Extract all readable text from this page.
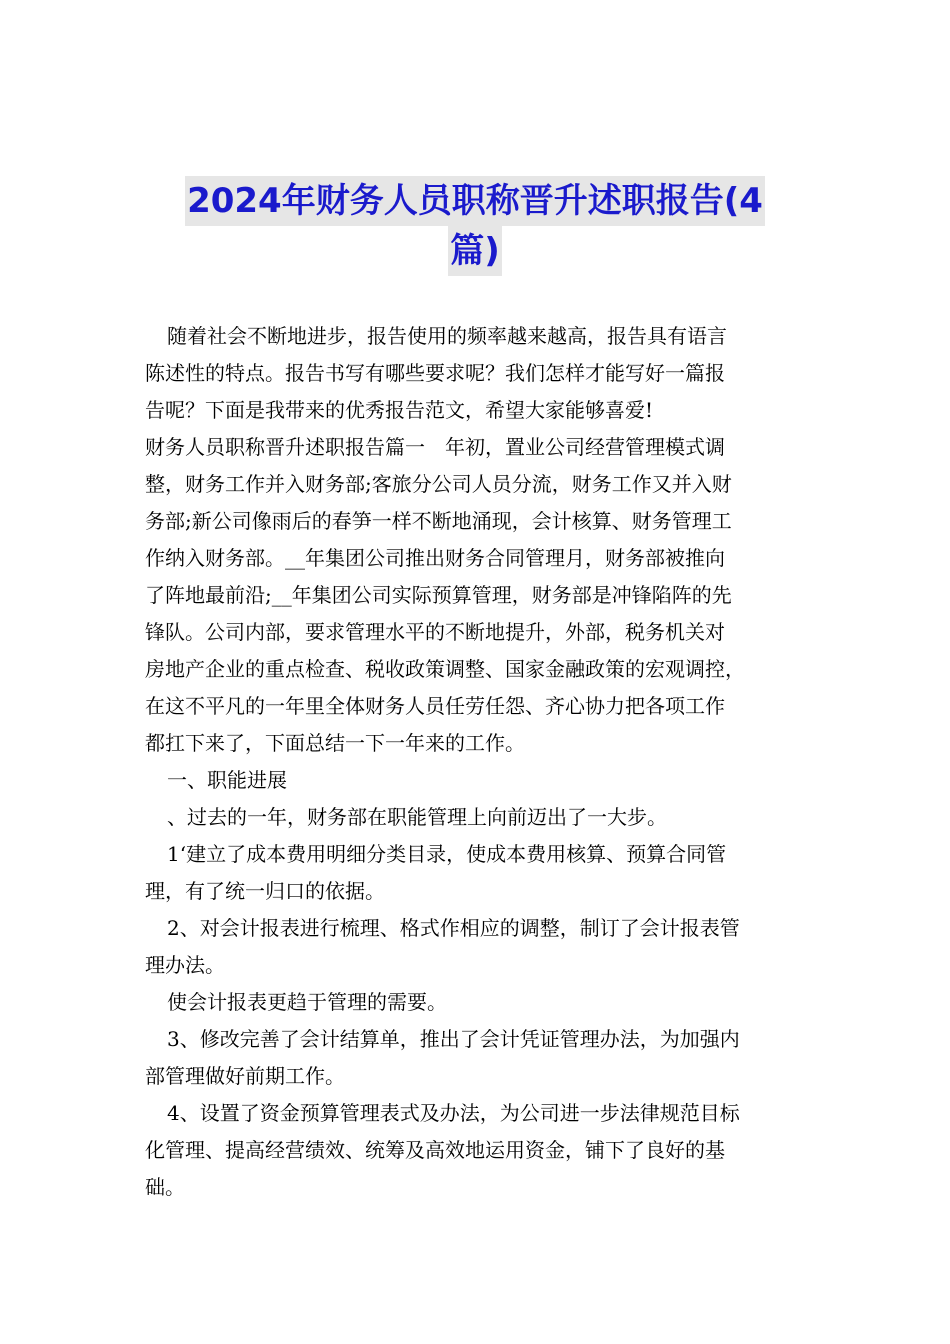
2024年财务人员职称晋升述职报告(4
篇)

随着社会不断地进步，报告使用的频率越来越高，报告具有语言

陈述性的特点。报告书写有哪些要求呢？我们怎样才能写好一篇报

告呢？下面是我带来的优秀报告范文，希望大家能够喜爱!

财务人员职称晋升述职报告篇一　年初，置业公司经营管理模式调

整，财务工作并入财务部;客旅分公司人员分流，财务工作又并入财

务部;新公司像雨后的春笋一样不断地涌现，会计核算、财务管理工

作纳入财务部。__年集团公司推出财务合同管理月，财务部被推向

了阵地最前沿;__年集团公司实际预算管理，财务部是冲锋陷阵的先

锋队。公司内部，要求管理水平的不断地提升，外部，税务机关对

房地产企业的重点检查、税收政策调整、国家金融政策的宏观调控，

在这不平凡的一年里全体财务人员任劳任怨、齐心协力把各项工作

都扛下来了，下面总结一下一年来的工作。

一、职能进展

、过去的一年，财务部在职能管理上向前迈出了一大步。

1‘建立了成本费用明细分类目录，使成本费用核算、预算合同管

理，有了统一归口的依据。

2、对会计报表进行梳理、格式作相应的调整，制订了会计报表管

理办法。

使会计报表更趋于管理的需要。

3、修改完善了会计结算单，推出了会计凭证管理办法，为加强内

部管理做好前期工作。

4、设置了资金预算管理表式及办法，为公司进一步法律规范目标

化管理、提高经营绩效、统筹及高效地运用资金，铺下了良好的基

础。
